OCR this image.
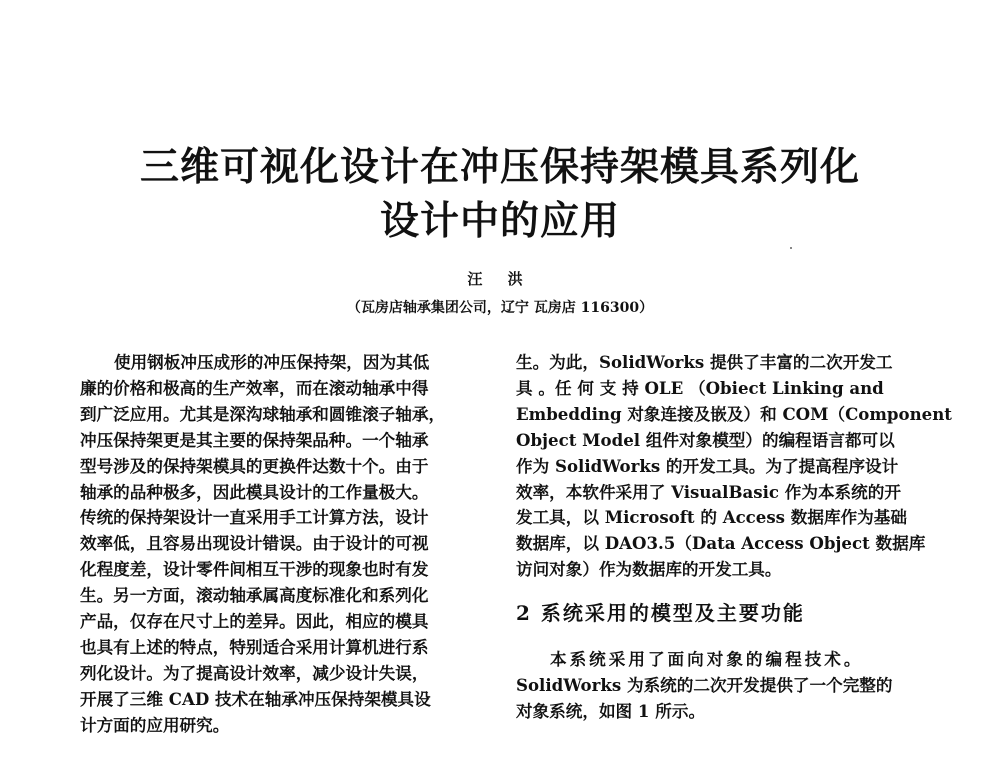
三维可视化设计在冲压保持架模具系列化
设计中的应用
汪 洪
（瓦房店轴承集团公司，辽宁 瓦房店 116300）
使用钢板冲压成形的冲压保持架，因为其低
廉的价格和极高的生产效率，而在滚动轴承中得
到广泛应用。尤其是深沟球轴承和圆锥滚子轴承，
冲压保持架更是其主要的保持架品种。一个轴承
型号涉及的保持架模具的更换件达数十个。由于
轴承的品种极多，因此模具设计的工作量极大。
传统的保持架设计一直采用手工计算方法，设计
效率低，且容易出现设计错误。由于设计的可视
化程度差，设计零件间相互干涉的现象也时有发
生。另一方面，滚动轴承属高度标准化和系列化
产品，仅存在尺寸上的差异。因此，相应的模具
也具有上述的特点，特别适合采用计算机进行系
列化设计。为了提高设计效率，减少设计失误，
开展了三维 CAD 技术在轴承冲压保持架模具设
计方面的应用研究。
生。为此，SolidWorks 提供了丰富的二次开发工
具 。任 何 支 持 OLE （Obiect Linking and
Embedding 对象连接及嵌及）和 COM（Component
Object Model 组件对象模型）的编程语言都可以
作为 SolidWorks 的开发工具。为了提高程序设计
效率，本软件采用了 VisualBasic 作为本系统的开
发工具，以 Microsoft 的 Access 数据库作为基础
数据库，以 DAO3.5（Data Access Object 数据库
访问对象）作为数据库的开发工具。
2 系统采用的模型及主要功能
本系统采用了面向对象的编程技术。
SolidWorks 为系统的二次开发提供了一个完整的
对象系统，如图 1 所示。
